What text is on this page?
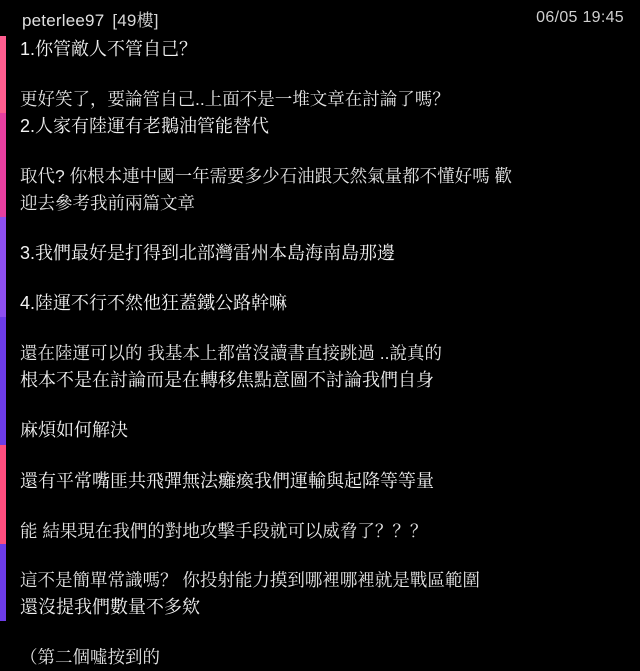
peterlee97 [49樓]	06/05 19:45
1.你管敵人不管自己？

更好笑了，要論管自己..上面不是一堆文章在討論了嗎？
2.人家有陸運有老鵝油管能替代

取代? 你根本連中國一年需要多少石油跟天然氣量都不懂好嗎 歡
迎去參考我前兩篇文章

3.我們最好是打得到北部灣雷州本島海南島那邊

4.陸運不行不然他狂蓋鐵公路幹嘛

還在陸運可以的 我基本上都當沒讀書直接跳過 ..說真的
根本不是在討論而是在轉移焦點意圖不討論我們自身

麻煩如何解決

還有平常嘴匪共飛彈無法癱瘓我們運輸與起降等等量

能 結果現在我們的對地攻擊手段就可以威脅了？？？

這不是簡單常識嗎？ 你投射能力摸到哪裡哪裡就是戰區範圍
還沒提我們數量不多欸

（第二個噓按到的
